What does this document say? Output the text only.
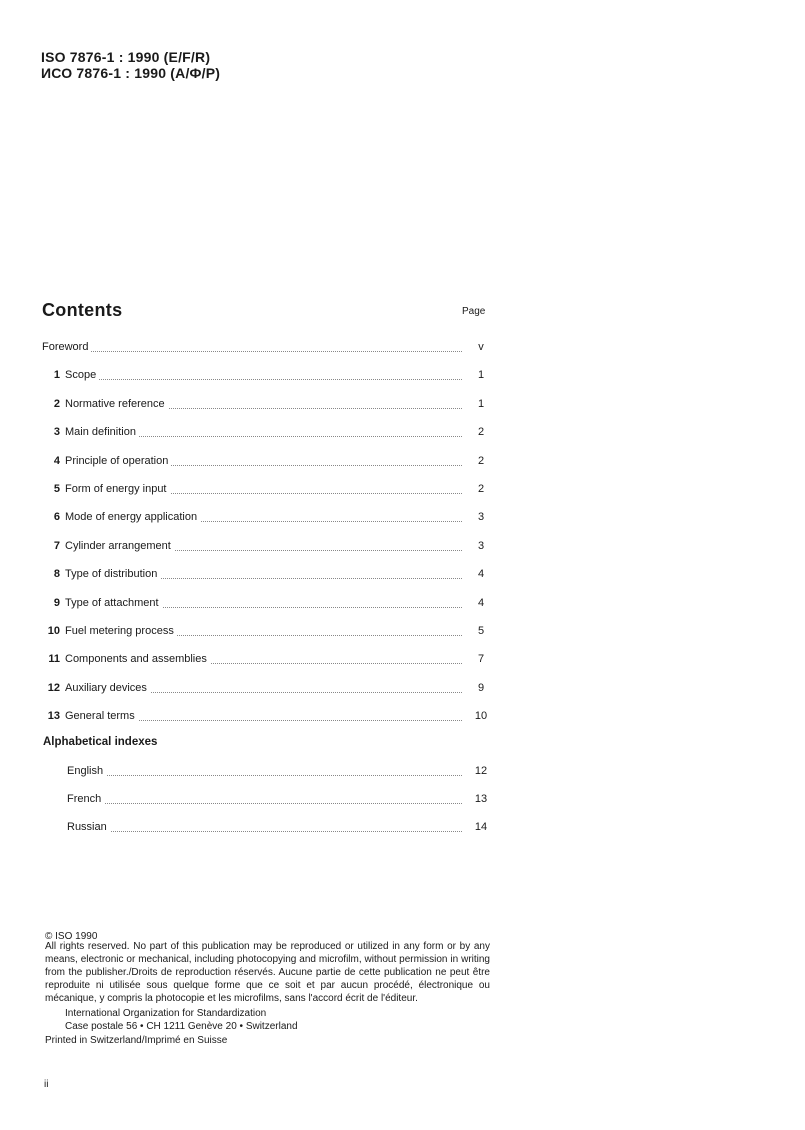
ISO 7876-1 : 1990 (E/F/R)
ИСО 7876-1 : 1990 (А/Ф/Р)
Contents	Page
Foreword	v
1 Scope	1
2 Normative reference	1
3 Main definition	2
4 Principle of operation	2
5 Form of energy input	2
6 Mode of energy application	3
7 Cylinder arrangement	3
8 Type of distribution	4
9 Type of attachment	4
10 Fuel metering process	5
11 Components and assemblies	7
12 Auxiliary devices	9
13 General terms	10
Alphabetical indexes
English	12
French	13
Russian	14
© ISO 1990
All rights reserved. No part of this publication may be reproduced or utilized in any form or by any means, electronic or mechanical, including photocopying and microfilm, without permission in writing from the publisher./Droits de reproduction réservés. Aucune partie de cette publication ne peut être reproduite ni utilisée sous quelque forme que ce soit et par aucun procédé, électronique ou mécanique, y compris la photocopie et les microfilms, sans l'accord écrit de l'éditeur.
International Organization for Standardization
Case postale 56 • CH 1211 Genève 20 • Switzerland
Printed in Switzerland/Imprimé en Suisse
ii
